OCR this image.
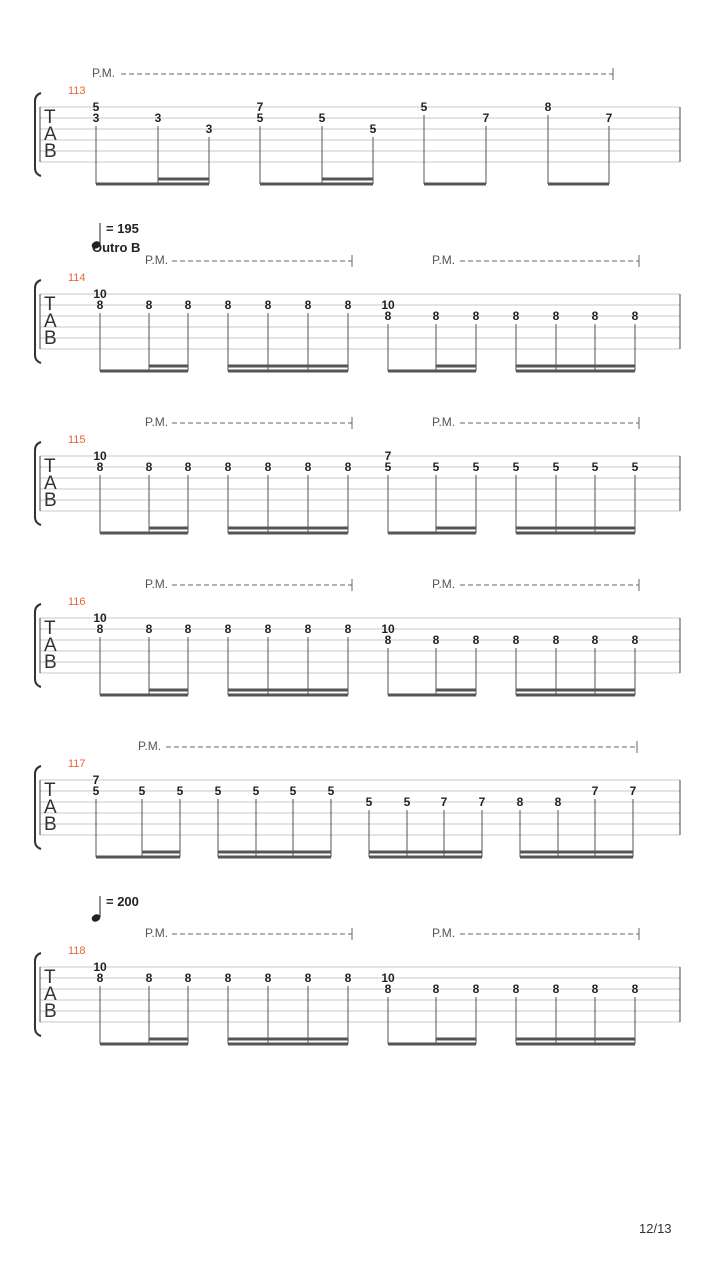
P.M.
113
T
A
B
5
3	3
3
7
5	5
5
5
7
8
7
= 195
Outro B
P.M.	P.M.
114
T
A
B
10
8	8	8	8	8	8	8 10
8	8	8	8	8	8	8
P.M.	P.M.
115
T
A
B
10
8	8	8	8	8	8	8
7
5	5	5	5	5	5	5
P.M.	P.M.
116
T
A
B
10
8	8	8	8	8	8	8 10
8	8	8	8	8	8	8
P.M.
117
T
A
B
7
5	5	5	5	5	5	5
5	5	7	7	8	8
7	7
= 200
P.M.	P.M.
118
T
A
B
10
8	8	8	8	8	8	8 10
8	8	8	8	8	8	8
12/13
